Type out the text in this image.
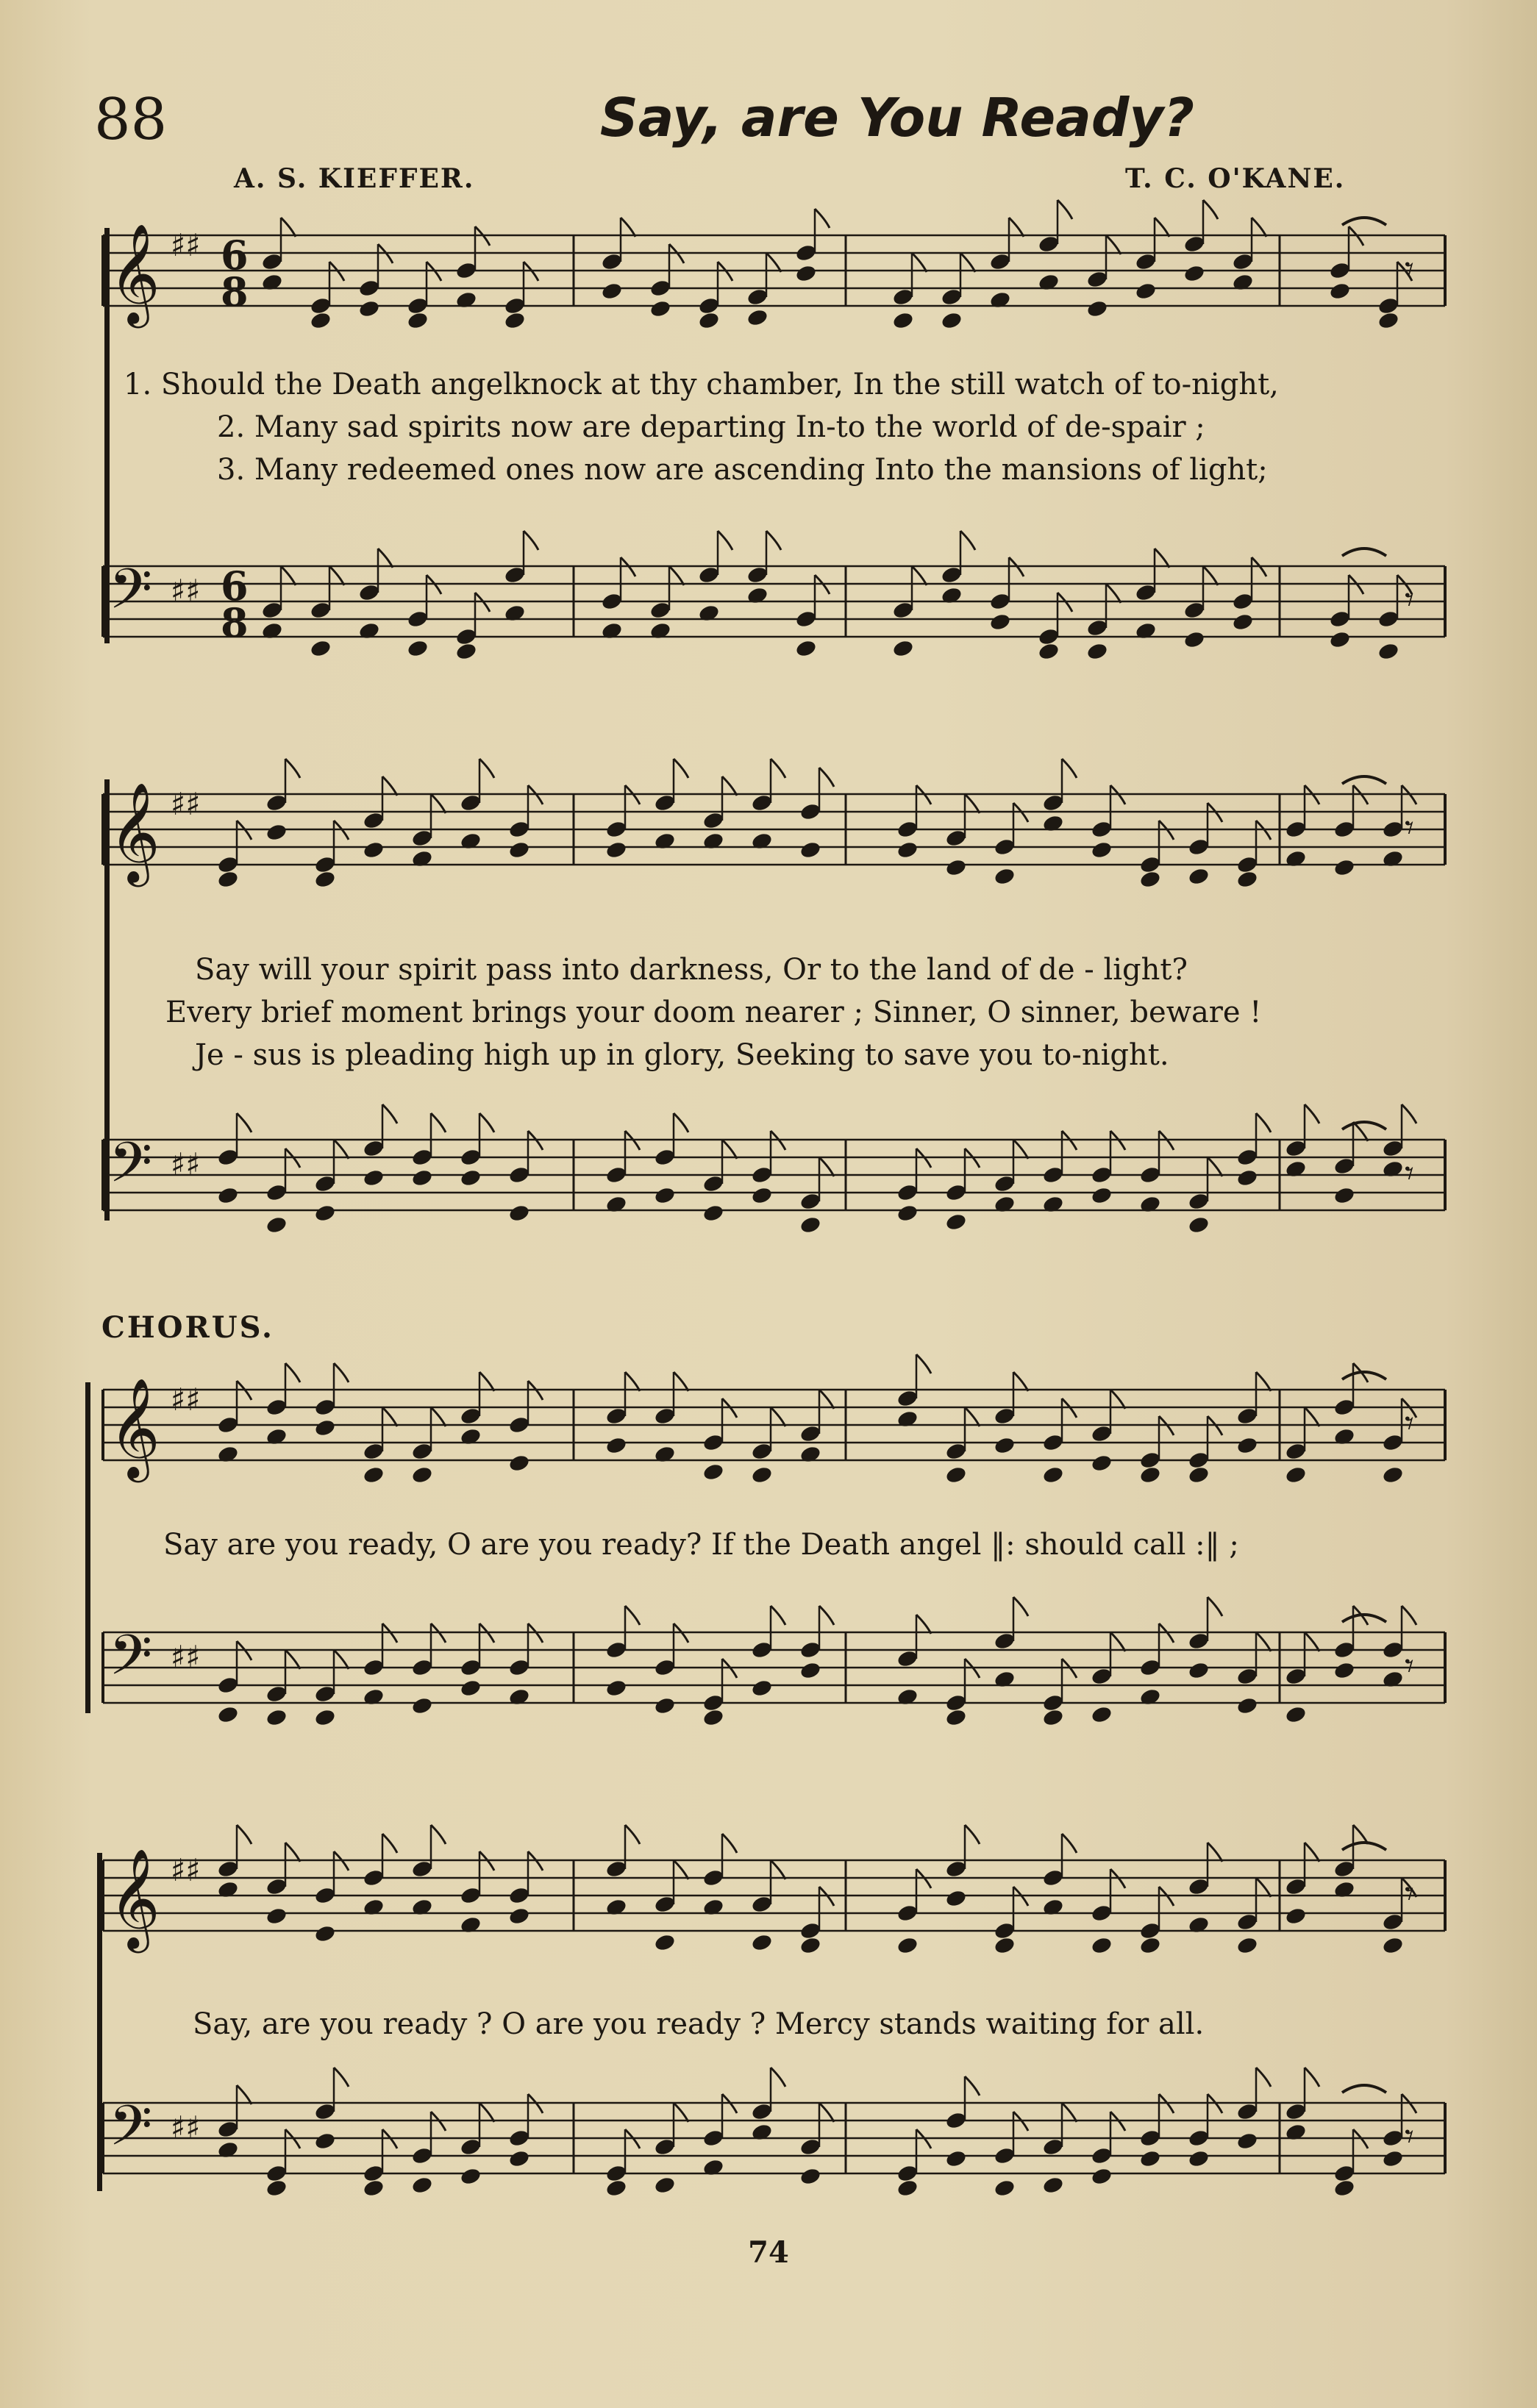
88	Say, are You Ready?
A. S. KIEFFER.	T. C. O'KANE.
𝄞 ♯♯ 6
8	𝄾
1. Should the Death angelknock at thy chamber, In the still watch of to-night,
2. Many sad spirits now are departing In-to the world of de-spair ;
3. Many redeemed ones now are ascending Into the mansions of light;
𝄢 ♯♯ 6
8	𝄾
𝄞 ♯♯
𝄾
Say will your spirit pass into darkness, Or to the land of de - light?
Every brief moment brings your doom nearer ; Sinner, O sinner, beware !
Je - sus is pleading high up in glory, Seeking to save you to-night.
𝄢 ♯♯	𝄾
CHORUS.
𝄞 ♯♯
𝄾
Say are you ready, O are you ready? If the Death angel ‖: should call :‖ ;
𝄢 ♯♯	𝄾
𝄞 ♯♯
𝄾
Say, are you ready ? O are you ready ? Mercy stands waiting for all.
𝄢 ♯♯	𝄾
74
